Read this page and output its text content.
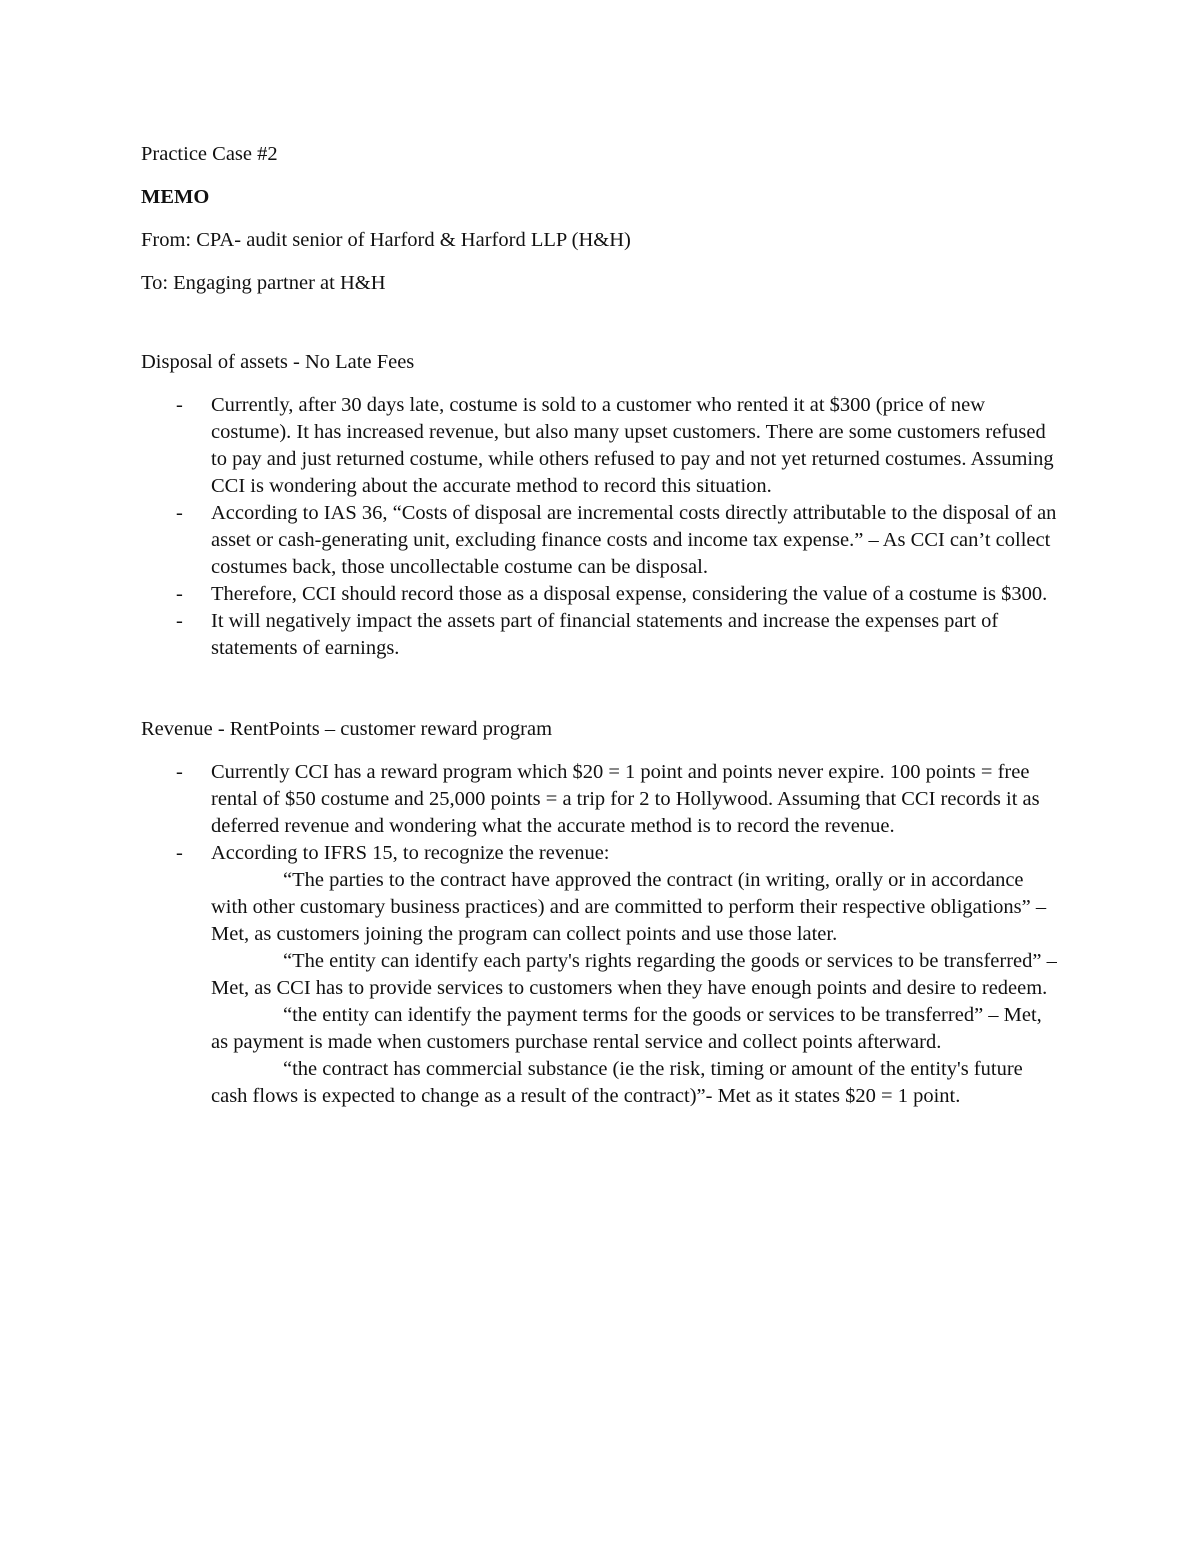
Practice Case #2

MEMO

From: CPA- audit senior of Harford & Harford LLP (H&H)

To: Engaging partner at H&H

Disposal of assets - No Late Fees

- Currently, after 30 days late, costume is sold to a customer who rented it at $300 (price of new costume). It has increased revenue, but also many upset customers. There are some customers refused to pay and just returned costume, while others refused to pay and not yet returned costumes. Assuming CCI is wondering about the accurate method to record this situation.
- According to IAS 36, “Costs of disposal are incremental costs directly attributable to the disposal of an asset or cash-generating unit, excluding finance costs and income tax expense.” – As CCI can’t collect costumes back, those uncollectable costume can be disposal.
- Therefore, CCI should record those as a disposal expense, considering the value of a costume is $300.
- It will negatively impact the assets part of financial statements and increase the expenses part of statements of earnings.

Revenue - RentPoints – customer reward program

- Currently CCI has a reward program which $20 = 1 point and points never expire. 100 points = free rental of $50 costume and 25,000 points = a trip for 2 to Hollywood. Assuming that CCI records it as deferred revenue and wondering what the accurate method is to record the revenue.
- According to IFRS 15, to recognize the revenue:

“The parties to the contract have approved the contract (in writing, orally or in accordance with other customary business practices) and are committed to perform their respective obligations” – Met, as customers joining the program can collect points and use those later.

“The entity can identify each party's rights regarding the goods or services to be transferred” – Met, as CCI has to provide services to customers when they have enough points and desire to redeem.

“the entity can identify the payment terms for the goods or services to be transferred” – Met, as payment is made when customers purchase rental service and collect points afterward.

“the contract has commercial substance (ie the risk, timing or amount of the entity's future cash flows is expected to change as a result of the contract)”- Met as it states $20 = 1 point.
